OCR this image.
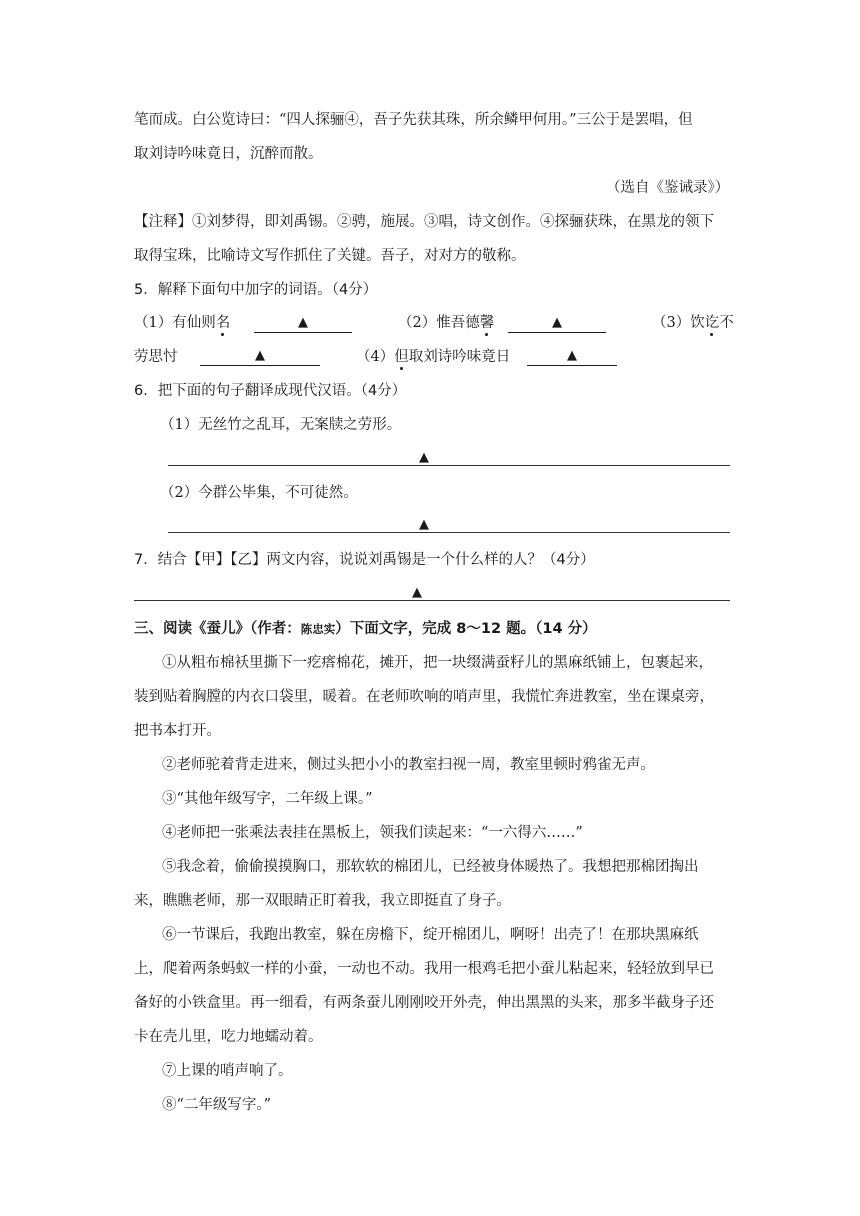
笔而成。白公览诗曰：“四人探骊④，吾子先获其珠，所余鳞甲何用。”三公于是罢唱，但
取刘诗吟味竟日，沉醉而散。
（选自《鉴诫录》）
【注释】①刘梦得，即刘禹锡。②骋，施展。③唱，诗文创作。④探骊获珠，在黑龙的领下
取得宝珠，比喻诗文写作抓住了关键。吾子，对对方的敬称。
5．解释下面句中加字的词语。（4分）
（1）有仙则名	▲	（2）惟吾德馨	▲	（3）饮讫不
劳思忖	▲	（4）但取刘诗吟味竟日	▲
6．把下面的句子翻译成现代汉语。（4分）
（1）无丝竹之乱耳，无案牍之劳形。
▲
（2）今群公毕集，不可徒然。
▲
7．结合【甲】【乙】两文内容，说说刘禹锡是一个什么样的人？（4分）
▲
三、阅读《蚕儿》（作者：陈忠实）下面文字，完成 8～12 题。（14 分）
①从粗布棉袄里撕下一疙瘩棉花，摊开，把一块缀满蚕籽儿的黑麻纸铺上，包裹起来，
装到贴着胸膛的内衣口袋里，暖着。在老师吹响的哨声里，我慌忙奔进教室，坐在课桌旁，
把书本打开。
②老师驼着背走进来，侧过头把小小的教室扫视一周，教室里顿时鸦雀无声。
③“其他年级写字，二年级上课。”
④老师把一张乘法表挂在黑板上，领我们读起来：“一六得六……”
⑤我念着，偷偷摸摸胸口，那软软的棉团儿，已经被身体暖热了。我想把那棉团掏出
来，瞧瞧老师，那一双眼睛正盯着我，我立即挺直了身子。
⑥一节课后，我跑出教室，躲在房檐下，绽开棉团儿，啊呀！出壳了！在那块黑麻纸
上，爬着两条蚂蚁一样的小蚕，一动也不动。我用一根鸡毛把小蚕儿粘起来，轻轻放到早已
备好的小铁盒里。再一细看，有两条蚕儿刚刚咬开外壳，伸出黑黑的头来，那多半截身子还
卡在壳儿里，吃力地蠕动着。
⑦上课的哨声响了。
⑧“二年级写字。”
